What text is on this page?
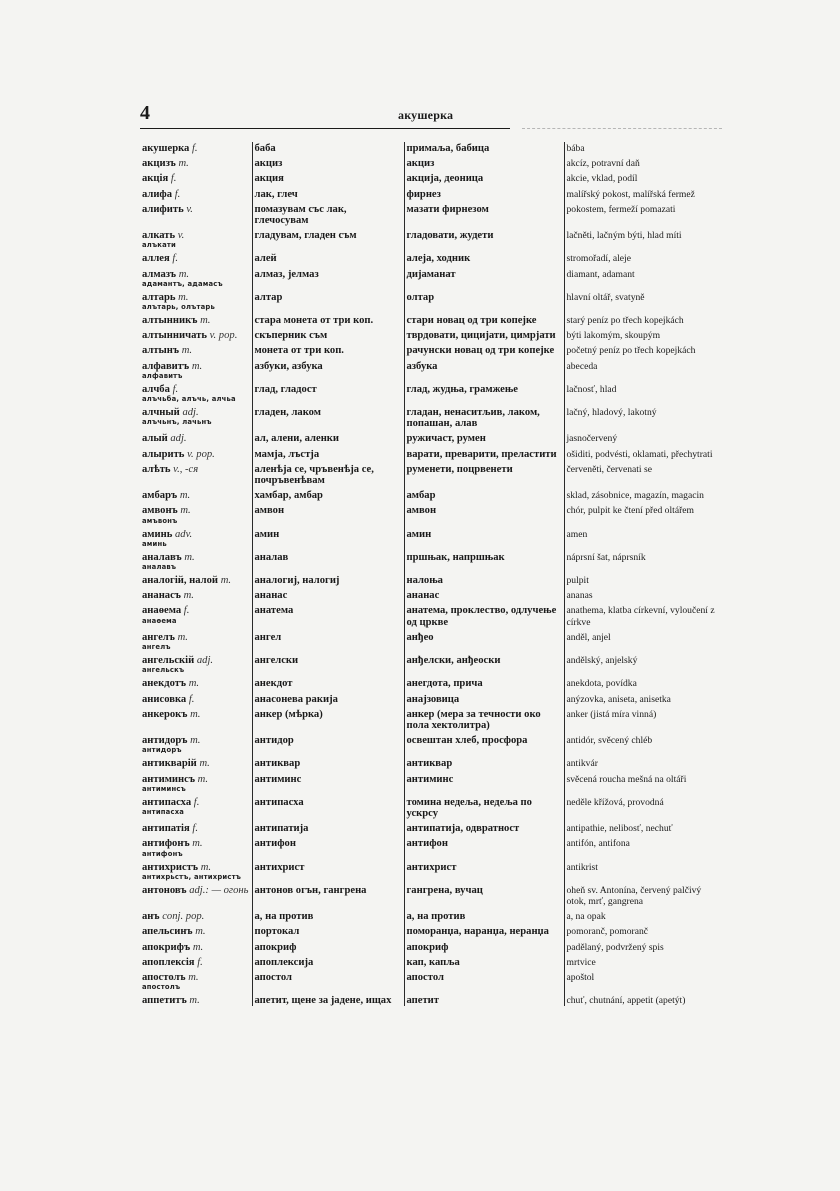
4	акушерка
акушерка f.	баба	примаља, бабица	bába

акцизъ m.	акциз	акциз	akcíz, potravní daň

акція f.	акция	акција, деоница	akcie, vklad, podíl

алифа f.	лак, глеч	фирнез	malířský pokost, malířská fermež

алифить v.	помазувам със лак, глечосувам	мазати фирнезом	pokostem, fermeží pomazati

алкать v.
алъкати	гладувам, гладен съм	гладовати, жудети	lačněti, lačným býti, hlad míti

аллея f.	алей	алеја, ходник	stromořadí, aleje

алмазъ m.
адамантъ, адамасъ	алмаз, јелмаз	дијаманат	diamant, adamant

алтарь m.
алътарь, олътарь	алтар	олтар	hlavní oltář, svatyně

алтынникъ m.	стара монета от три коп.	стари новац од три копејке	starý peníz po třech kopejkách

алтынничать v. pop.	скъперник съм	тврдовати, цицијати, цимрјати	býti lakomým, skoupým

алтынъ m.	монета от три коп.	рачунски новац од три копејке	početný peníz po třech kopejkách

алфавитъ m.
алфавитъ	азбуки, азбука	азбука	abeceda

алчба f.
алъчьба, алъчь, алчьа	глад, гладост	глад, жудња, грамжење	lačnosť, hlad

алчный adj.
алъчьнъ, лачьнъ	гладен, лаком	гладан, ненаситљив, лаком, попашан, алав	lačný, hladový, lakotný

алый adj.	ал, алени, аленки	ружичаст, румен	jasnočervený

алырить v. pop.	мамја, лъстја	варати, преварити, преластити	ošiditi, podvésti, oklamati, přechytrati

алѣть v., -ся	аленѣја се, чръвенѣја се, почръвенѣвам	руменети, поцрвенети	červeněti, červenati se

амбаръ m.	хамбар, амбар	амбар	sklad, zásobnice, magazín, magacin

амвонъ m.
амъвонъ	амвон	амвон	chór, pulpit ke čtení před oltářem

аминь adv.
аминь	амин	амин	amen

аналавъ m.
аналавъ	аналав	пршњак, напршњак	náprsní šat, náprsník

аналогій, налой m.	аналогиј, налогиј	налоња	pulpit

ананасъ m.	ананас	ананас	ananas

анаѳема f.
анаѳема	анатема	анатема, проклество, одлучење од цркве	anathema, klatba církevní, vyloučení z církve

ангелъ m.
ангелъ	ангел	анђео	anděl, anjel

ангельскій adj.
ангельскъ	ангелски	анђелски, анђеоски	andělský, anjelský

анекдотъ m.	анекдот	анегдота, прича	anekdota, povídka

анисовка f.	анасонева ракија	анајзовица	anýzovka, aniseta, anisetka

анкерокъ m.	анкер (мѣрка)	анкер (мера за течности око пола хектолитра)	anker (jistá míra vinná)

антидоръ m.
антидоръ	антидор	освештан хлеб, просфора	antidór, svěcený chléb

антикварій m.	антиквар	антиквар	antikvár

антиминсъ m.
антиминсъ	антиминс	антиминс	svěcená roucha mešná na oltáři

антипасха f.
антипасха	антипасха	томина недеља, недеља по ускрсу	neděle křížová, provodná

антипатія f.	антипатија	антипатија, одвратност	antipathie, nelibosť, nechuť

антифонъ m.
антифонъ	антифон	антифон	antifón, antifona

антихристъ m.
антихрьстъ, антихристъ	антихрист	антихрист	antikrist

антоновъ adj.: — огонь	антонов огън, гангрена	гангрена, вучац	oheň sv. Antonína, červený palčivý otok, mrť, gangrena

анъ conj. pop.	а, на против	а, на против	a, na opak

апельсинъ m.	портокал	поморанџа, наранџа, неранџа	pomoranč, pomoranč

апокрифъ m.	апокриф	апокриф	padělaný, podvržený spis

апоплексія f.	апоплексија	кап, капља	mrtvice

апостолъ m.
апостолъ	апостол	апостол	apoštol

аппетитъ m.	апетит, щене за јадене, ищах	апетит	chuť, chutnání, appetit (apetýt)
